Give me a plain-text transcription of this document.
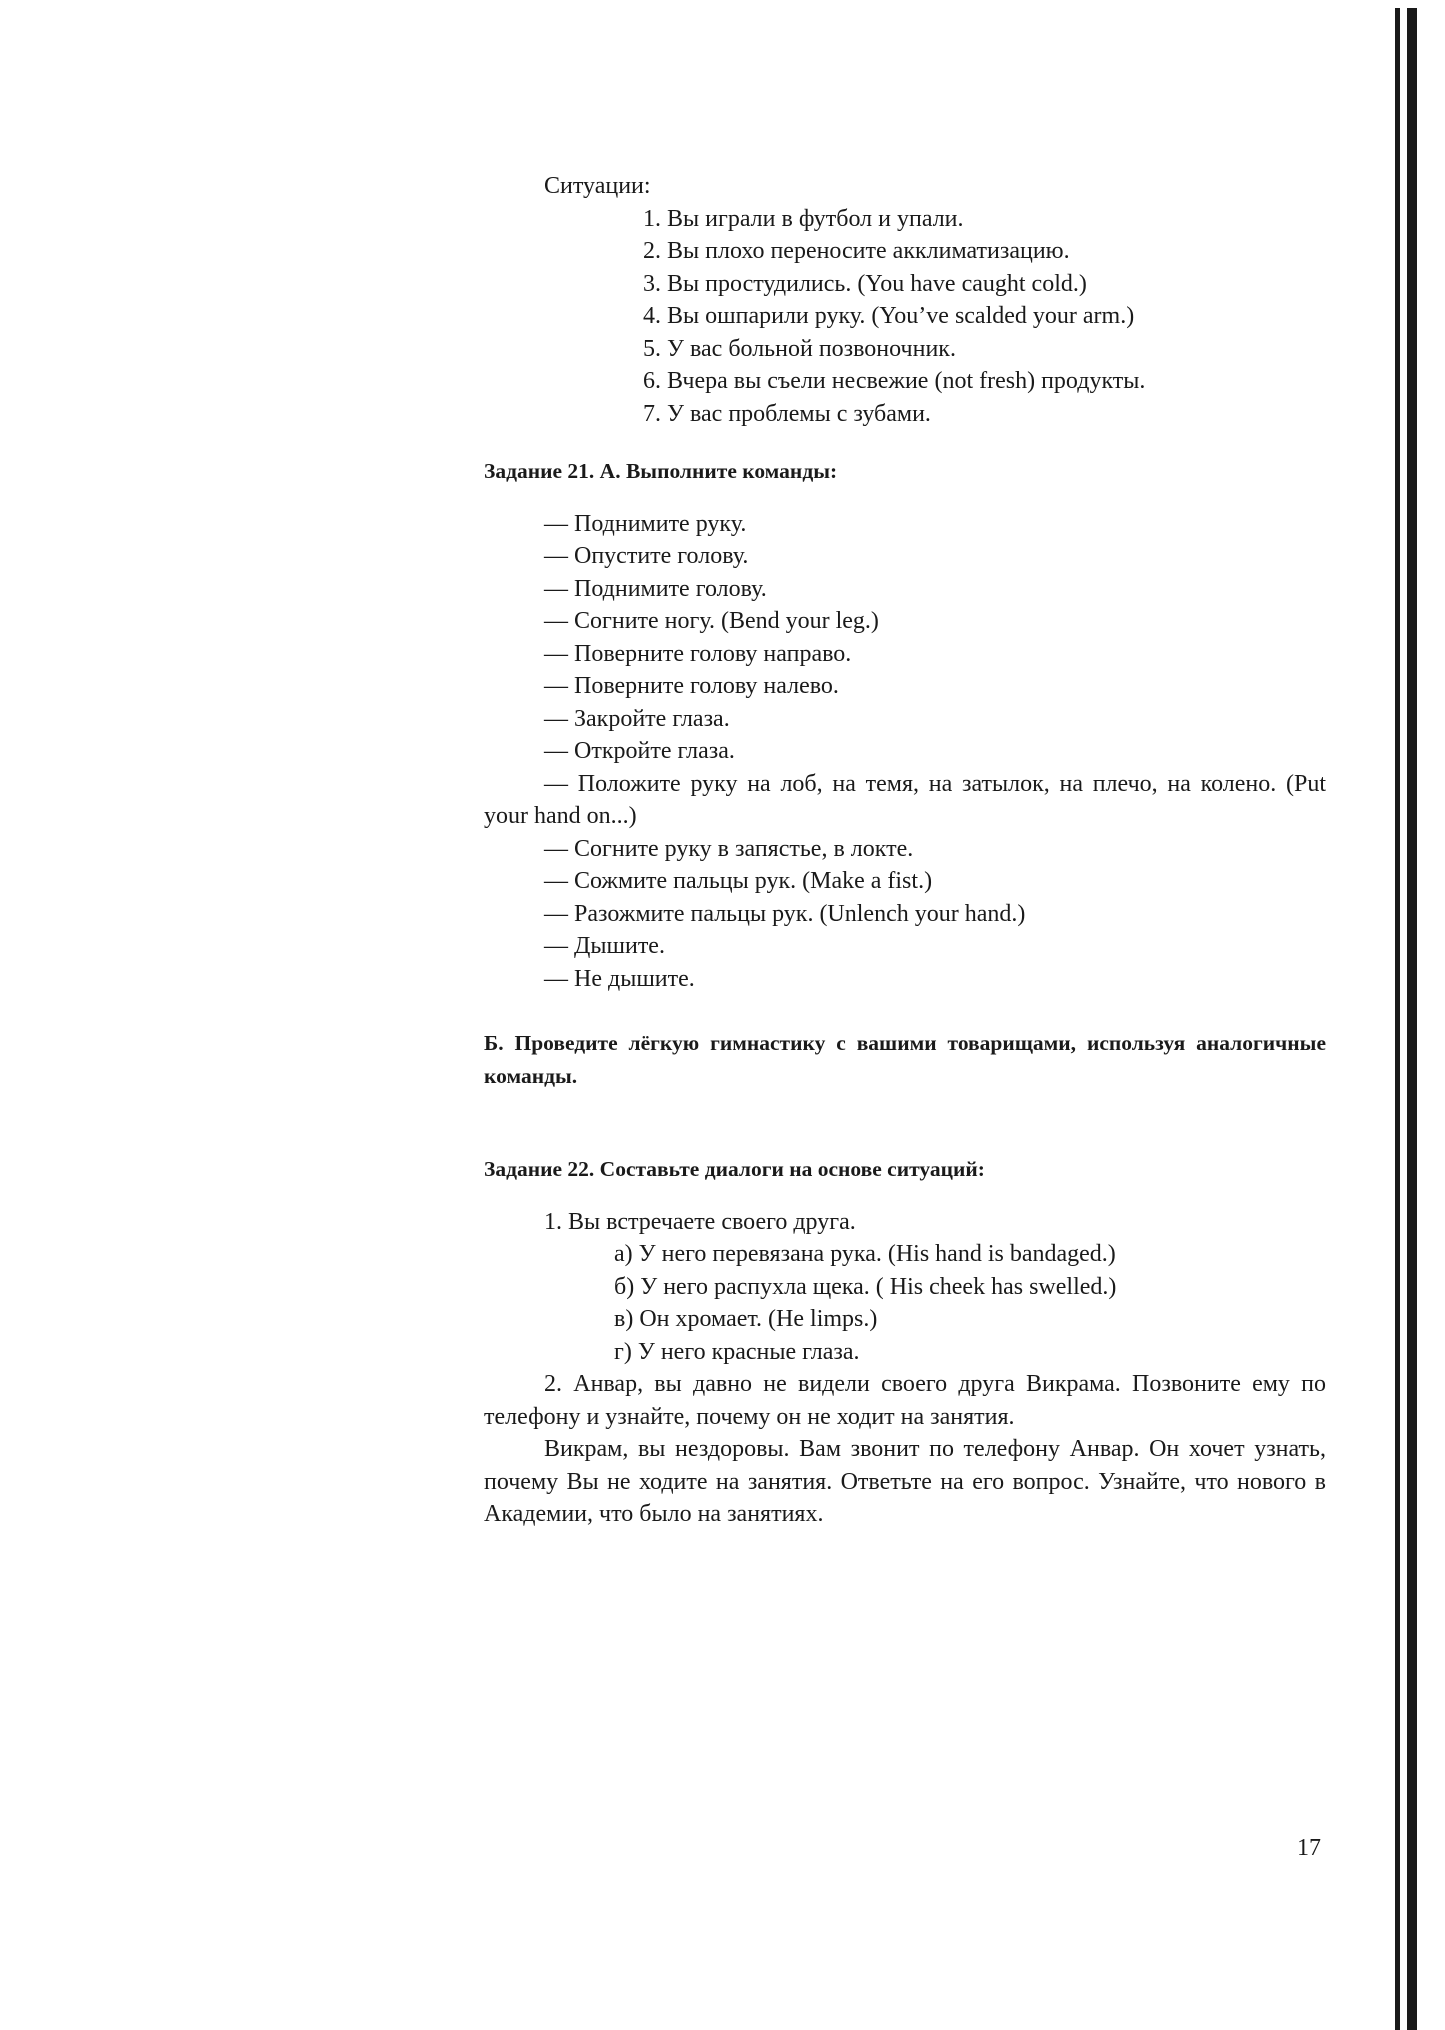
Ситуации:
1. Вы играли в футбол и упали.
2. Вы плохо переносите акклиматизацию.
3. Вы простудились. (You have caught cold.)
4. Вы ошпарили руку. (You’ve scalded your arm.)
5. У вас больной позвоночник.
6. Вчера вы съели несвежие (not fresh) продукты.
7. У вас проблемы с зубами.
Задание 21. А. Выполните команды:
— Поднимите руку.
— Опустите голову.
— Поднимите голову.
— Согните ногу. (Bend your leg.)
— Поверните голову направо.
— Поверните голову налево.
— Закройте глаза.
— Откройте глаза.
— Положите руку на лоб, на темя, на затылок, на плечо, на колено. (Put your hand on...)
— Согните руку в запястье, в локте.
— Сожмите пальцы рук. (Make a fist.)
— Разожмите пальцы рук. (Unlench your hand.)
— Дышите.
— Не дышите.
Б. Проведите лёгкую гимнастику с вашими товарищами, используя аналогичные команды.
Задание 22. Составьте диалоги на основе ситуаций:
1. Вы встречаете своего друга.
а) У него перевязана рука. (His hand is bandaged.)
б) У него распухла щека. ( His cheek has swelled.)
в) Он хромает. (He limps.)
г) У него красные глаза.
2. Анвар, вы давно не видели своего друга Викрама. Позвоните ему по телефону и узнайте, почему он не ходит на занятия.
Викрам, вы нездоровы. Вам звонит по телефону Анвар. Он хочет узнать, почему Вы не ходите на занятия. Ответьте на его вопрос. Узнайте, что нового в Академии, что было на занятиях.
17
